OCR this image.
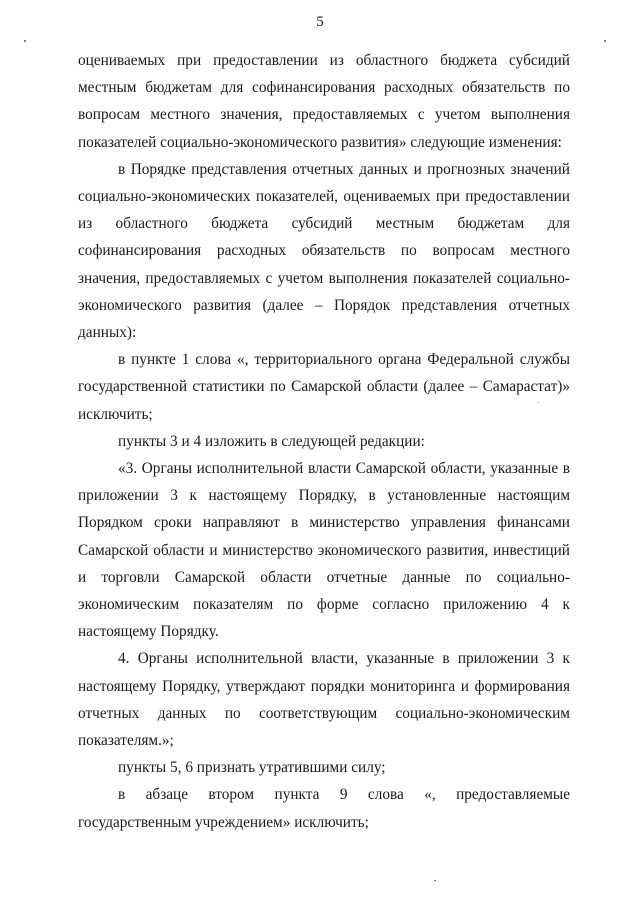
5

оцениваемых при предоставлении из областного бюджета субсидий местным бюджетам для софинансирования расходных обязательств по вопросам местного значения, предоставляемых с учетом выполнения показателей социально-экономического развития» следующие изменения:

в Порядке представления отчетных данных и прогнозных значений социально-экономических показателей, оцениваемых при предоставлении из областного бюджета субсидий местным бюджетам для софинансирования расходных обязательств по вопросам местного значения, предоставляемых с учетом выполнения показателей социально-экономического развития (далее – Порядок представления отчетных данных):

в пункте 1 слова «, территориального органа Федеральной службы государственной статистики по Самарской области (далее – Самарастат)» исключить;

пункты 3 и 4 изложить в следующей редакции:

«3. Органы исполнительной власти Самарской области, указанные в приложении 3 к настоящему Порядку, в установленные настоящим Порядком сроки направляют в министерство управления финансами Самарской области и министерство экономического развития, инвестиций и торговли Самарской области отчетные данные по социально-экономическим показателям по форме согласно приложению 4 к настоящему Порядку.

4. Органы исполнительной власти, указанные в приложении 3 к настоящему Порядку, утверждают порядки мониторинга и формирования отчетных данных по соответствующим социально-экономическим показателям.»;

пункты 5, 6 признать утратившими силу;

в абзаце втором пункта 9 слова «, предоставляемые государственным учреждением» исключить;
